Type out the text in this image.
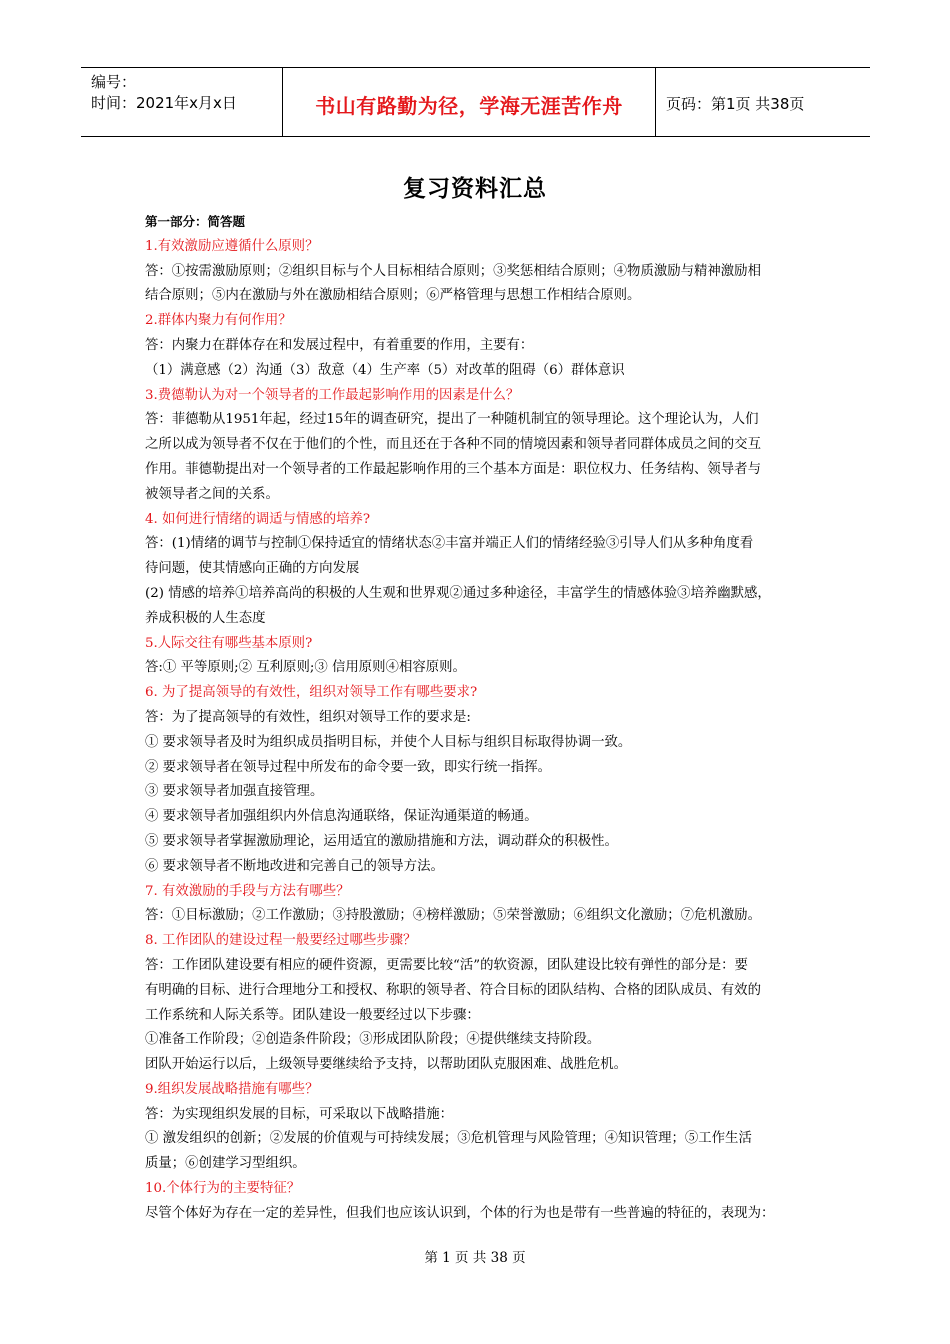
编号：
时间：2021年x月x日	书山有路勤为径，学海无涯苦作舟	页码：第1页 共38页
复习资料汇总
第一部分：简答题
1.有效激励应遵循什么原则？
答：①按需激励原则；②组织目标与个人目标相结合原则；③奖惩相结合原则；④物质激励与精神激励相
结合原则；⑤内在激励与外在激励相结合原则；⑥严格管理与思想工作相结合原则。
2.群体内聚力有何作用？
答：内聚力在群体存在和发展过程中，有着重要的作用，主要有：
（1）满意感（2）沟通（3）敌意（4）生产率（5）对改革的阻碍（6）群体意识
3.费德勒认为对一个领导者的工作最起影响作用的因素是什么？
答：菲德勒从1951年起，经过15年的调查研究，提出了一种随机制宜的领导理论。这个理论认为，人们
之所以成为领导者不仅在于他们的个性，而且还在于各种不同的情境因素和领导者同群体成员之间的交互
作用。菲德勒提出对一个领导者的工作最起影响作用的三个基本方面是：职位权力、任务结构、领导者与
被领导者之间的关系。
4. 如何进行情绪的调适与情感的培养?
答：(1)情绪的调节与控制①保持适宜的情绪状态②丰富并端正人们的情绪经验③引导人们从多种角度看
待问题，使其情感向正确的方向发展
(2) 情感的培养①培养高尚的积极的人生观和世界观②通过多种途径，丰富学生的情感体验③培养幽默感，
养成积极的人生态度
5.人际交往有哪些基本原则?
答:① 平等原则;② 互利原则;③ 信用原则④相容原则。
6. 为了提高领导的有效性，组织对领导工作有哪些要求?
答：为了提高领导的有效性，组织对领导工作的要求是:
① 要求领导者及时为组织成员指明目标，并使个人目标与组织目标取得协调一致。
② 要求领导者在领导过程中所发布的命令要一致，即实行统一指挥。
③ 要求领导者加强直接管理。
④ 要求领导者加强组织内外信息沟通联络，保证沟通渠道的畅通。
⑤ 要求领导者掌握激励理论，运用适宜的激励措施和方法，调动群众的积极性。
⑥ 要求领导者不断地改进和完善自己的领导方法。
7. 有效激励的手段与方法有哪些？
答：①目标激励；②工作激励；③持股激励；④榜样激励；⑤荣誉激励；⑥组织文化激励；⑦危机激励。
8. 工作团队的建设过程一般要经过哪些步骤？
答：工作团队建设要有相应的硬件资源，更需要比较“活”的软资源，团队建设比较有弹性的部分是：要
有明确的目标、进行合理地分工和授权、称职的领导者、符合目标的团队结构、合格的团队成员、有效的
工作系统和人际关系等。团队建设一般要经过以下步骤：
①准备工作阶段；②创造条件阶段；③形成团队阶段；④提供继续支持阶段。
团队开始运行以后，上级领导要继续给予支持，以帮助团队克服困难、战胜危机。
9.组织发展战略措施有哪些？
答：为实现组织发展的目标，可采取以下战略措施：
① 激发组织的创新；②发展的价值观与可持续发展；③危机管理与风险管理；④知识管理；⑤工作生活
质量；⑥创建学习型组织。
10.个体行为的主要特征？
尽管个体好为存在一定的差异性，但我们也应该认识到，个体的行为也是带有一些普遍的特征的，表现为：
第 1 页 共 38 页
